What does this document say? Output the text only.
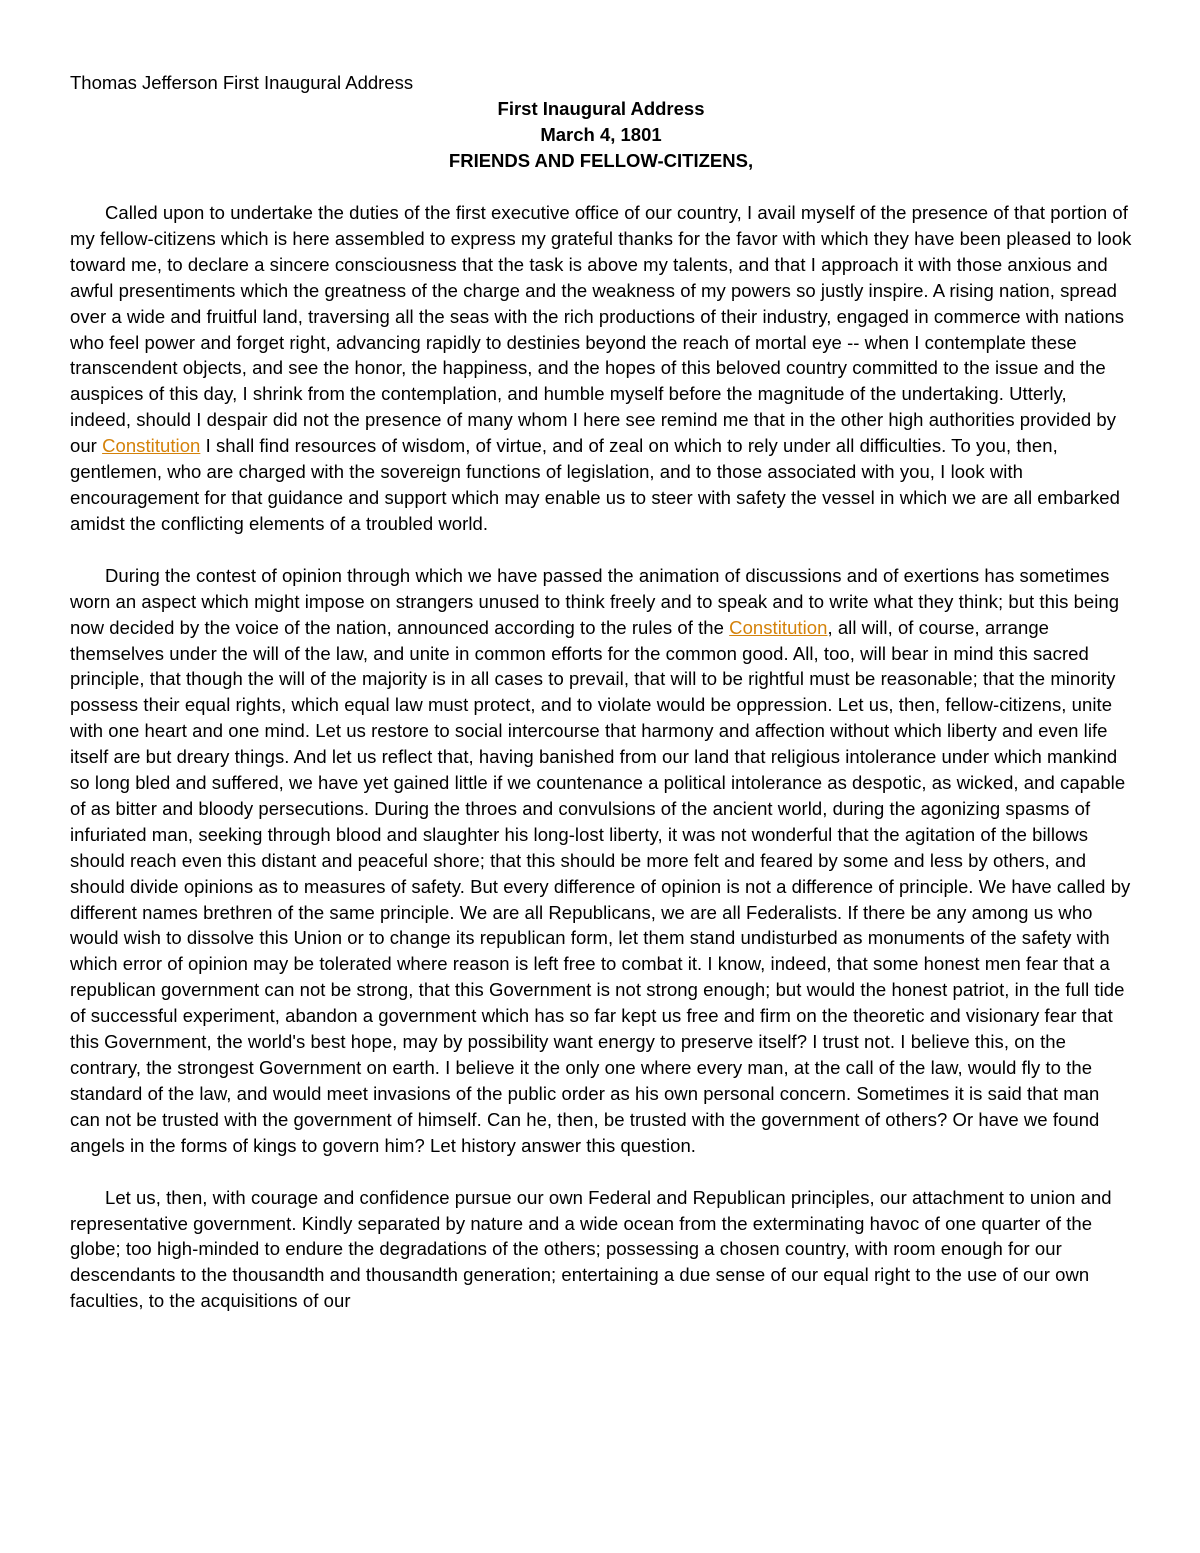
Thomas Jefferson First Inaugural Address
First Inaugural Address
March 4, 1801
FRIENDS AND FELLOW-CITIZENS,

Called upon to undertake the duties of the first executive office of our country, I avail myself of the presence of that portion of my fellow-citizens which is here assembled to express my grateful thanks for the favor with which they have been pleased to look toward me, to declare a sincere consciousness that the task is above my talents, and that I approach it with those anxious and awful presentiments which the greatness of the charge and the weakness of my powers so justly inspire. A rising nation, spread over a wide and fruitful land, traversing all the seas with the rich productions of their industry, engaged in commerce with nations who feel power and forget right, advancing rapidly to destinies beyond the reach of mortal eye -- when I contemplate these transcendent objects, and see the honor, the happiness, and the hopes of this beloved country committed to the issue and the auspices of this day, I shrink from the contemplation, and humble myself before the magnitude of the undertaking. Utterly, indeed, should I despair did not the presence of many whom I here see remind me that in the other high authorities provided by our Constitution I shall find resources of wisdom, of virtue, and of zeal on which to rely under all difficulties. To you, then, gentlemen, who are charged with the sovereign functions of legislation, and to those associated with you, I look with encouragement for that guidance and support which may enable us to steer with safety the vessel in which we are all embarked amidst the conflicting elements of a troubled world.

During the contest of opinion through which we have passed the animation of discussions and of exertions has sometimes worn an aspect which might impose on strangers unused to think freely and to speak and to write what they think; but this being now decided by the voice of the nation, announced according to the rules of the Constitution, all will, of course, arrange themselves under the will of the law, and unite in common efforts for the common good. All, too, will bear in mind this sacred principle, that though the will of the majority is in all cases to prevail, that will to be rightful must be reasonable; that the minority possess their equal rights, which equal law must protect, and to violate would be oppression. Let us, then, fellow-citizens, unite with one heart and one mind. Let us restore to social intercourse that harmony and affection without which liberty and even life itself are but dreary things. And let us reflect that, having banished from our land that religious intolerance under which mankind so long bled and suffered, we have yet gained little if we countenance a political intolerance as despotic, as wicked, and capable of as bitter and bloody persecutions. During the throes and convulsions of the ancient world, during the agonizing spasms of infuriated man, seeking through blood and slaughter his long-lost liberty, it was not wonderful that the agitation of the billows should reach even this distant and peaceful shore; that this should be more felt and feared by some and less by others, and should divide opinions as to measures of safety. But every difference of opinion is not a difference of principle. We have called by different names brethren of the same principle. We are all Republicans, we are all Federalists. If there be any among us who would wish to dissolve this Union or to change its republican form, let them stand undisturbed as monuments of the safety with which error of opinion may be tolerated where reason is left free to combat it. I know, indeed, that some honest men fear that a republican government can not be strong, that this Government is not strong enough; but would the honest patriot, in the full tide of successful experiment, abandon a government which has so far kept us free and firm on the theoretic and visionary fear that this Government, the world's best hope, may by possibility want energy to preserve itself? I trust not. I believe this, on the contrary, the strongest Government on earth. I believe it the only one where every man, at the call of the law, would fly to the standard of the law, and would meet invasions of the public order as his own personal concern. Sometimes it is said that man can not be trusted with the government of himself. Can he, then, be trusted with the government of others? Or have we found angels in the forms of kings to govern him? Let history answer this question.

Let us, then, with courage and confidence pursue our own Federal and Republican principles, our attachment to union and representative government. Kindly separated by nature and a wide ocean from the exterminating havoc of one quarter of the globe; too high-minded to endure the degradations of the others; possessing a chosen country, with room enough for our descendants to the thousandth and thousandth generation; entertaining a due sense of our equal right to the use of our own faculties, to the acquisitions of our
